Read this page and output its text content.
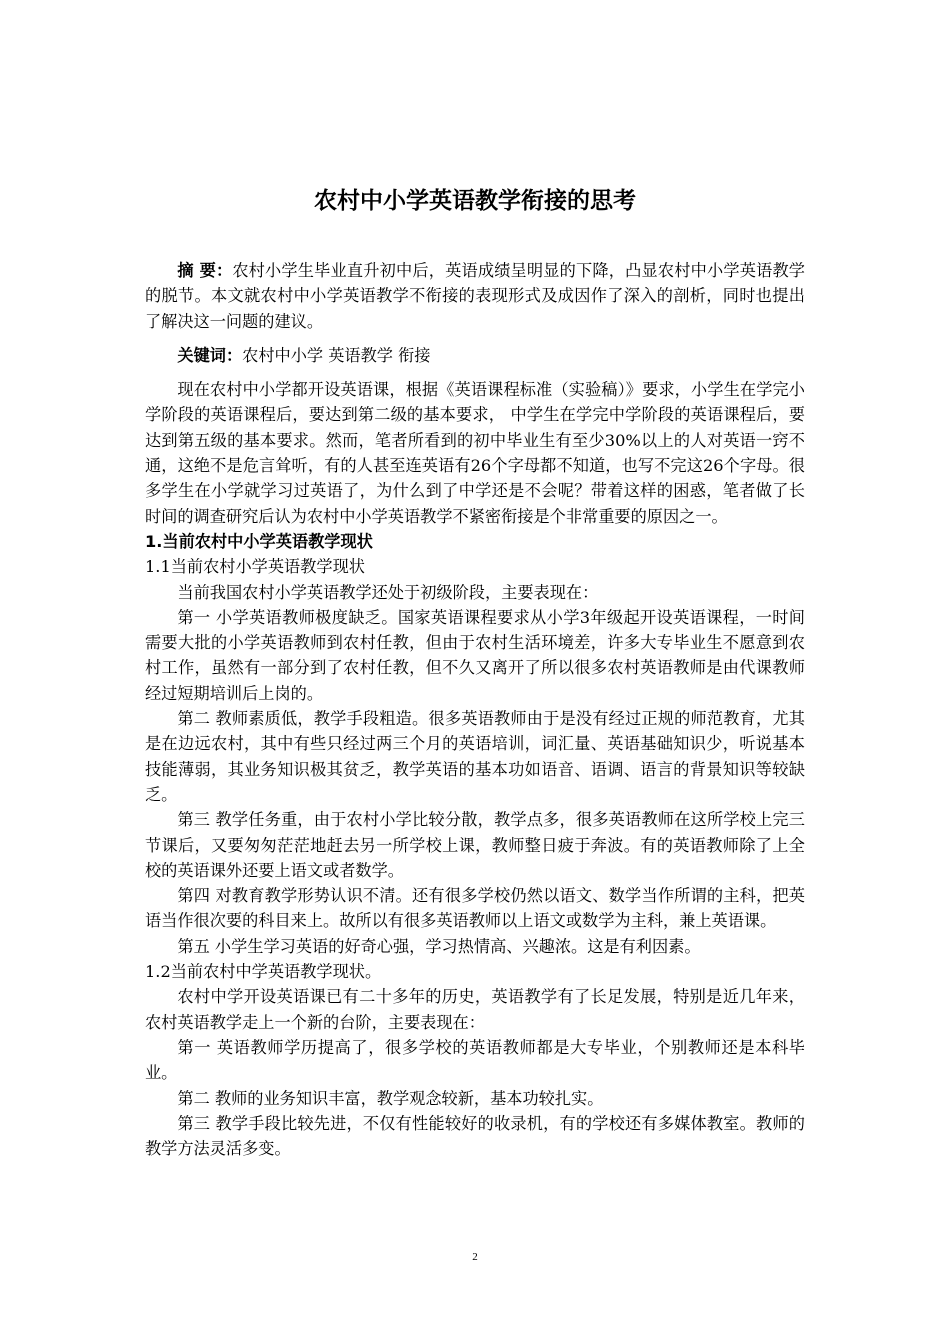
农村中小学英语教学衔接的思考

摘 要：农村小学生毕业直升初中后，英语成绩呈明显的下降，凸显农村中小学英语教学的脱节。本文就农村中小学英语教学不衔接的表现形式及成因作了深入的剖析，同时也提出了解决这一问题的建议。

关键词：农村中小学 英语教学 衔接

现在农村中小学都开设英语课，根据《英语课程标准（实验稿）》要求，小学生在学完小学阶段的英语课程后，要达到第二级的基本要求， 中学生在学完中学阶段的英语课程后，要达到第五级的基本要求。然而，笔者所看到的初中毕业生有至少30%以上的人对英语一窍不通，这绝不是危言耸听，有的人甚至连英语有26个字母都不知道，也写不完这26个字母。很多学生在小学就学习过英语了，为什么到了中学还是不会呢？带着这样的困惑，笔者做了长时间的调查研究后认为农村中小学英语教学不紧密衔接是个非常重要的原因之一。

1.当前农村中小学英语教学现状

1.1当前农村小学英语教学现状

当前我国农村小学英语教学还处于初级阶段，主要表现在：

第一 小学英语教师极度缺乏。国家英语课程要求从小学3年级起开设英语课程，一时间需要大批的小学英语教师到农村任教，但由于农村生活环境差，许多大专毕业生不愿意到农村工作，虽然有一部分到了农村任教，但不久又离开了所以很多农村英语教师是由代课教师经过短期培训后上岗的。

第二 教师素质低，教学手段粗造。很多英语教师由于是没有经过正规的师范教育，尤其是在边远农村，其中有些只经过两三个月的英语培训，词汇量、英语基础知识少，听说基本技能薄弱，其业务知识极其贫乏，教学英语的基本功如语音、语调、语言的背景知识等较缺乏。

第三 教学任务重，由于农村小学比较分散，教学点多，很多英语教师在这所学校上完三节课后，又要匆匆茫茫地赶去另一所学校上课，教师整日疲于奔波。有的英语教师除了上全校的英语课外还要上语文或者数学。

第四 对教育教学形势认识不清。还有很多学校仍然以语文、数学当作所谓的主科，把英语当作很次要的科目来上。故所以有很多英语教师以上语文或数学为主科，兼上英语课。

第五 小学生学习英语的好奇心强，学习热情高、兴趣浓。这是有利因素。

1.2当前农村中学英语教学现状。

农村中学开设英语课已有二十多年的历史，英语教学有了长足发展，特别是近几年来，农村英语教学走上一个新的台阶，主要表现在：

第一 英语教师学历提高了，很多学校的英语教师都是大专毕业，个别教师还是本科毕业。

第二 教师的业务知识丰富，教学观念较新，基本功较扎实。

第三 教学手段比较先进，不仅有性能较好的收录机，有的学校还有多媒体教室。教师的教学方法灵活多变。

2
